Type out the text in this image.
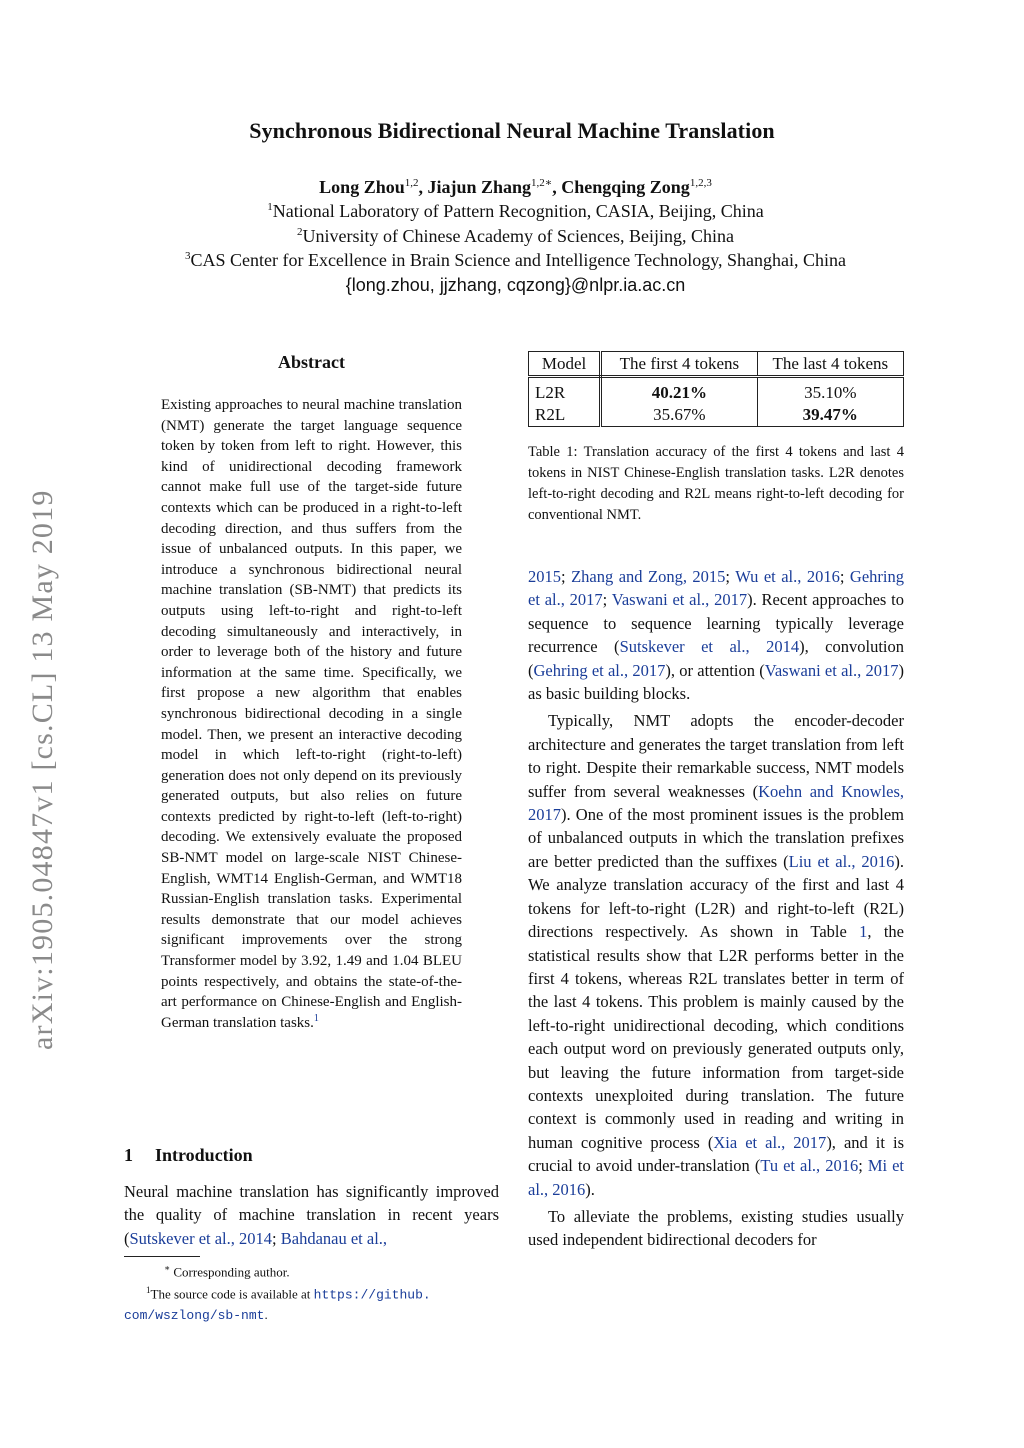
arXiv:1905.04847v1 [cs.CL] 13 May 2019
Synchronous Bidirectional Neural Machine Translation
Long Zhou$^{1,2}$, Jiajun Zhang$^{1,2∗}$, Chengqing Zong$^{1,2,3}$
$^1$National Laboratory of Pattern Recognition, CASIA, Beijing, China
$^2$University of Chinese Academy of Sciences, Beijing, China
$^3$CAS Center for Excellence in Brain Science and Intelligence Technology, Shanghai, China
{long.zhou, jjzhang, cqzong}@nlpr.ia.ac.cn
Abstract
Existing approaches to neural machine translation (NMT) generate the target language sequence token by token from left to right. However, this kind of unidirectional decoding framework cannot make full use of the target-side future contexts which can be produced in a right-to-left decoding direction, and thus suffers from the issue of unbalanced outputs. In this paper, we introduce a synchronous bidirectional neural machine translation (SB-NMT) that predicts its outputs using left-to-right and right-to-left decoding simultaneously and interactively, in order to leverage both of the history and future information at the same time. Specifically, we first propose a new algorithm that enables synchronous bidirectional decoding in a single model. Then, we present an interactive decoding model in which left-to-right (right-to-left) generation does not only depend on its previously generated outputs, but also relies on future contexts predicted by right-to-left (left-to-right) decoding. We extensively evaluate the proposed SB-NMT model on large-scale NIST Chinese-English, WMT14 English-German, and WMT18 Russian-English translation tasks. Experimental results demonstrate that our model achieves significant improvements over the strong Transformer model by 3.92, 1.49 and 1.04 BLEU points respectively, and obtains the state-of-the-art performance on Chinese-English and English-German translation tasks.$^1$
1 Introduction
Neural machine translation has significantly improved the quality of machine translation in recent years (Sutskever et al., 2014; Bahdanau et al.,
∗ Corresponding author.
$^1$The source code is available at https://github.
com/wszlong/sb-nmt.
Model	The first 4 tokens	The last 4 tokens
L2R	40.21%	35.10%
R2L	35.67%	39.47%
Table 1: Translation accuracy of the first 4 tokens and last 4 tokens in NIST Chinese-English translation tasks. L2R denotes left-to-right decoding and R2L means right-to-left decoding for conventional NMT.

2015; Zhang and Zong, 2015; Wu et al., 2016; Gehring et al., 2017; Vaswani et al., 2017). Recent approaches to sequence to sequence learning typically leverage recurrence (Sutskever et al., 2014), convolution (Gehring et al., 2017), or attention (Vaswani et al., 2017) as basic building blocks.

Typically, NMT adopts the encoder-decoder architecture and generates the target translation from left to right. Despite their remarkable success, NMT models suffer from several weaknesses (Koehn and Knowles, 2017). One of the most prominent issues is the problem of unbalanced outputs in which the translation prefixes are better predicted than the suffixes (Liu et al., 2016). We analyze translation accuracy of the first and last 4 tokens for left-to-right (L2R) and right-to-left (R2L) directions respectively. As shown in Table 1, the statistical results show that L2R performs better in the first 4 tokens, whereas R2L translates better in term of the last 4 tokens. This problem is mainly caused by the left-to-right unidirectional decoding, which conditions each output word on previously generated outputs only, but leaving the future information from target-side contexts unexploited during translation. The future context is commonly used in reading and writing in human cognitive process (Xia et al., 2017), and it is crucial to avoid under-translation (Tu et al., 2016; Mi et al., 2016).

To alleviate the problems, existing studies usually used independent bidirectional decoders for
